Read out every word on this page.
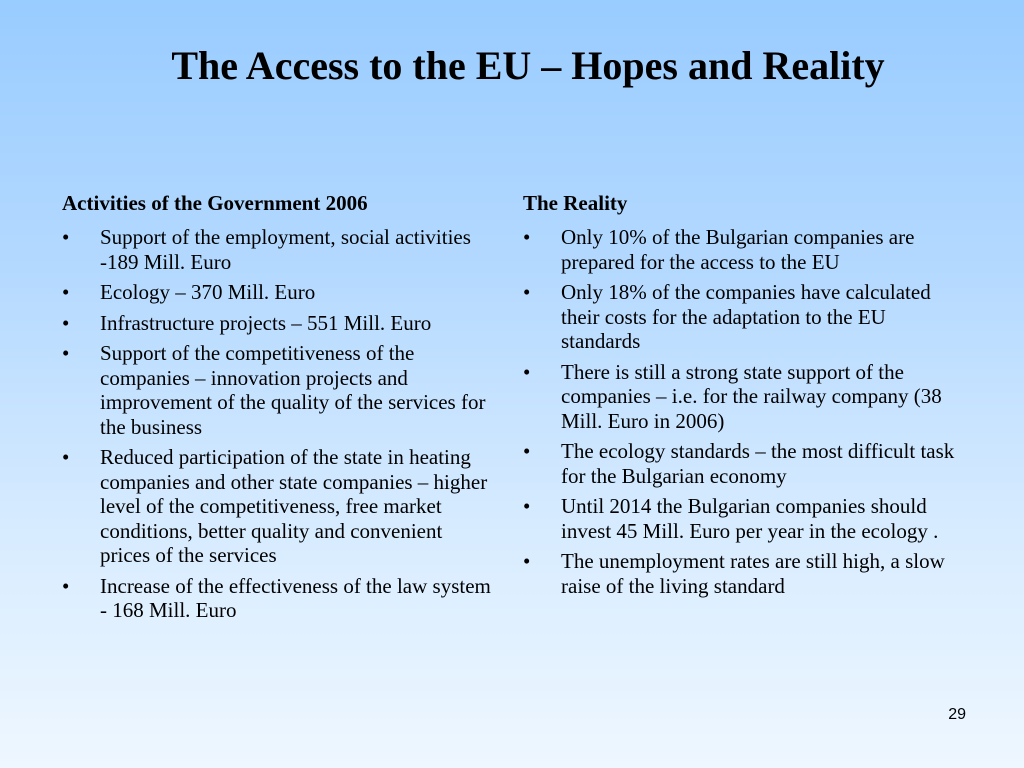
The Access to the EU – Hopes and Reality
Activities of the Government 2006
• Support of the employment, social activities -189 Mill. Euro
• Ecology – 370 Mill. Euro
• Infrastructure projects – 551 Mill. Euro
• Support of the competitiveness of the companies – innovation projects and improvement of the quality of the services for the business
• Reduced participation of the state in heating companies and other state companies – higher level of the competitiveness, free market conditions, better quality and convenient prices of the services
• Increase of the effectiveness of the law system - 168 Mill. Euro
The Reality
• Only 10% of the Bulgarian companies are prepared for the access to the EU
• Only 18% of the companies have calculated their costs for the adaptation to the EU standards
• There is still a strong state support of the companies – i.e. for the railway company (38 Mill. Euro in 2006)
• The ecology standards – the most difficult task for the Bulgarian economy
• Until 2014 the Bulgarian companies should invest 45 Mill. Euro per year in the ecology .
• The unemployment rates are still high, a slow raise of the living standard
29
